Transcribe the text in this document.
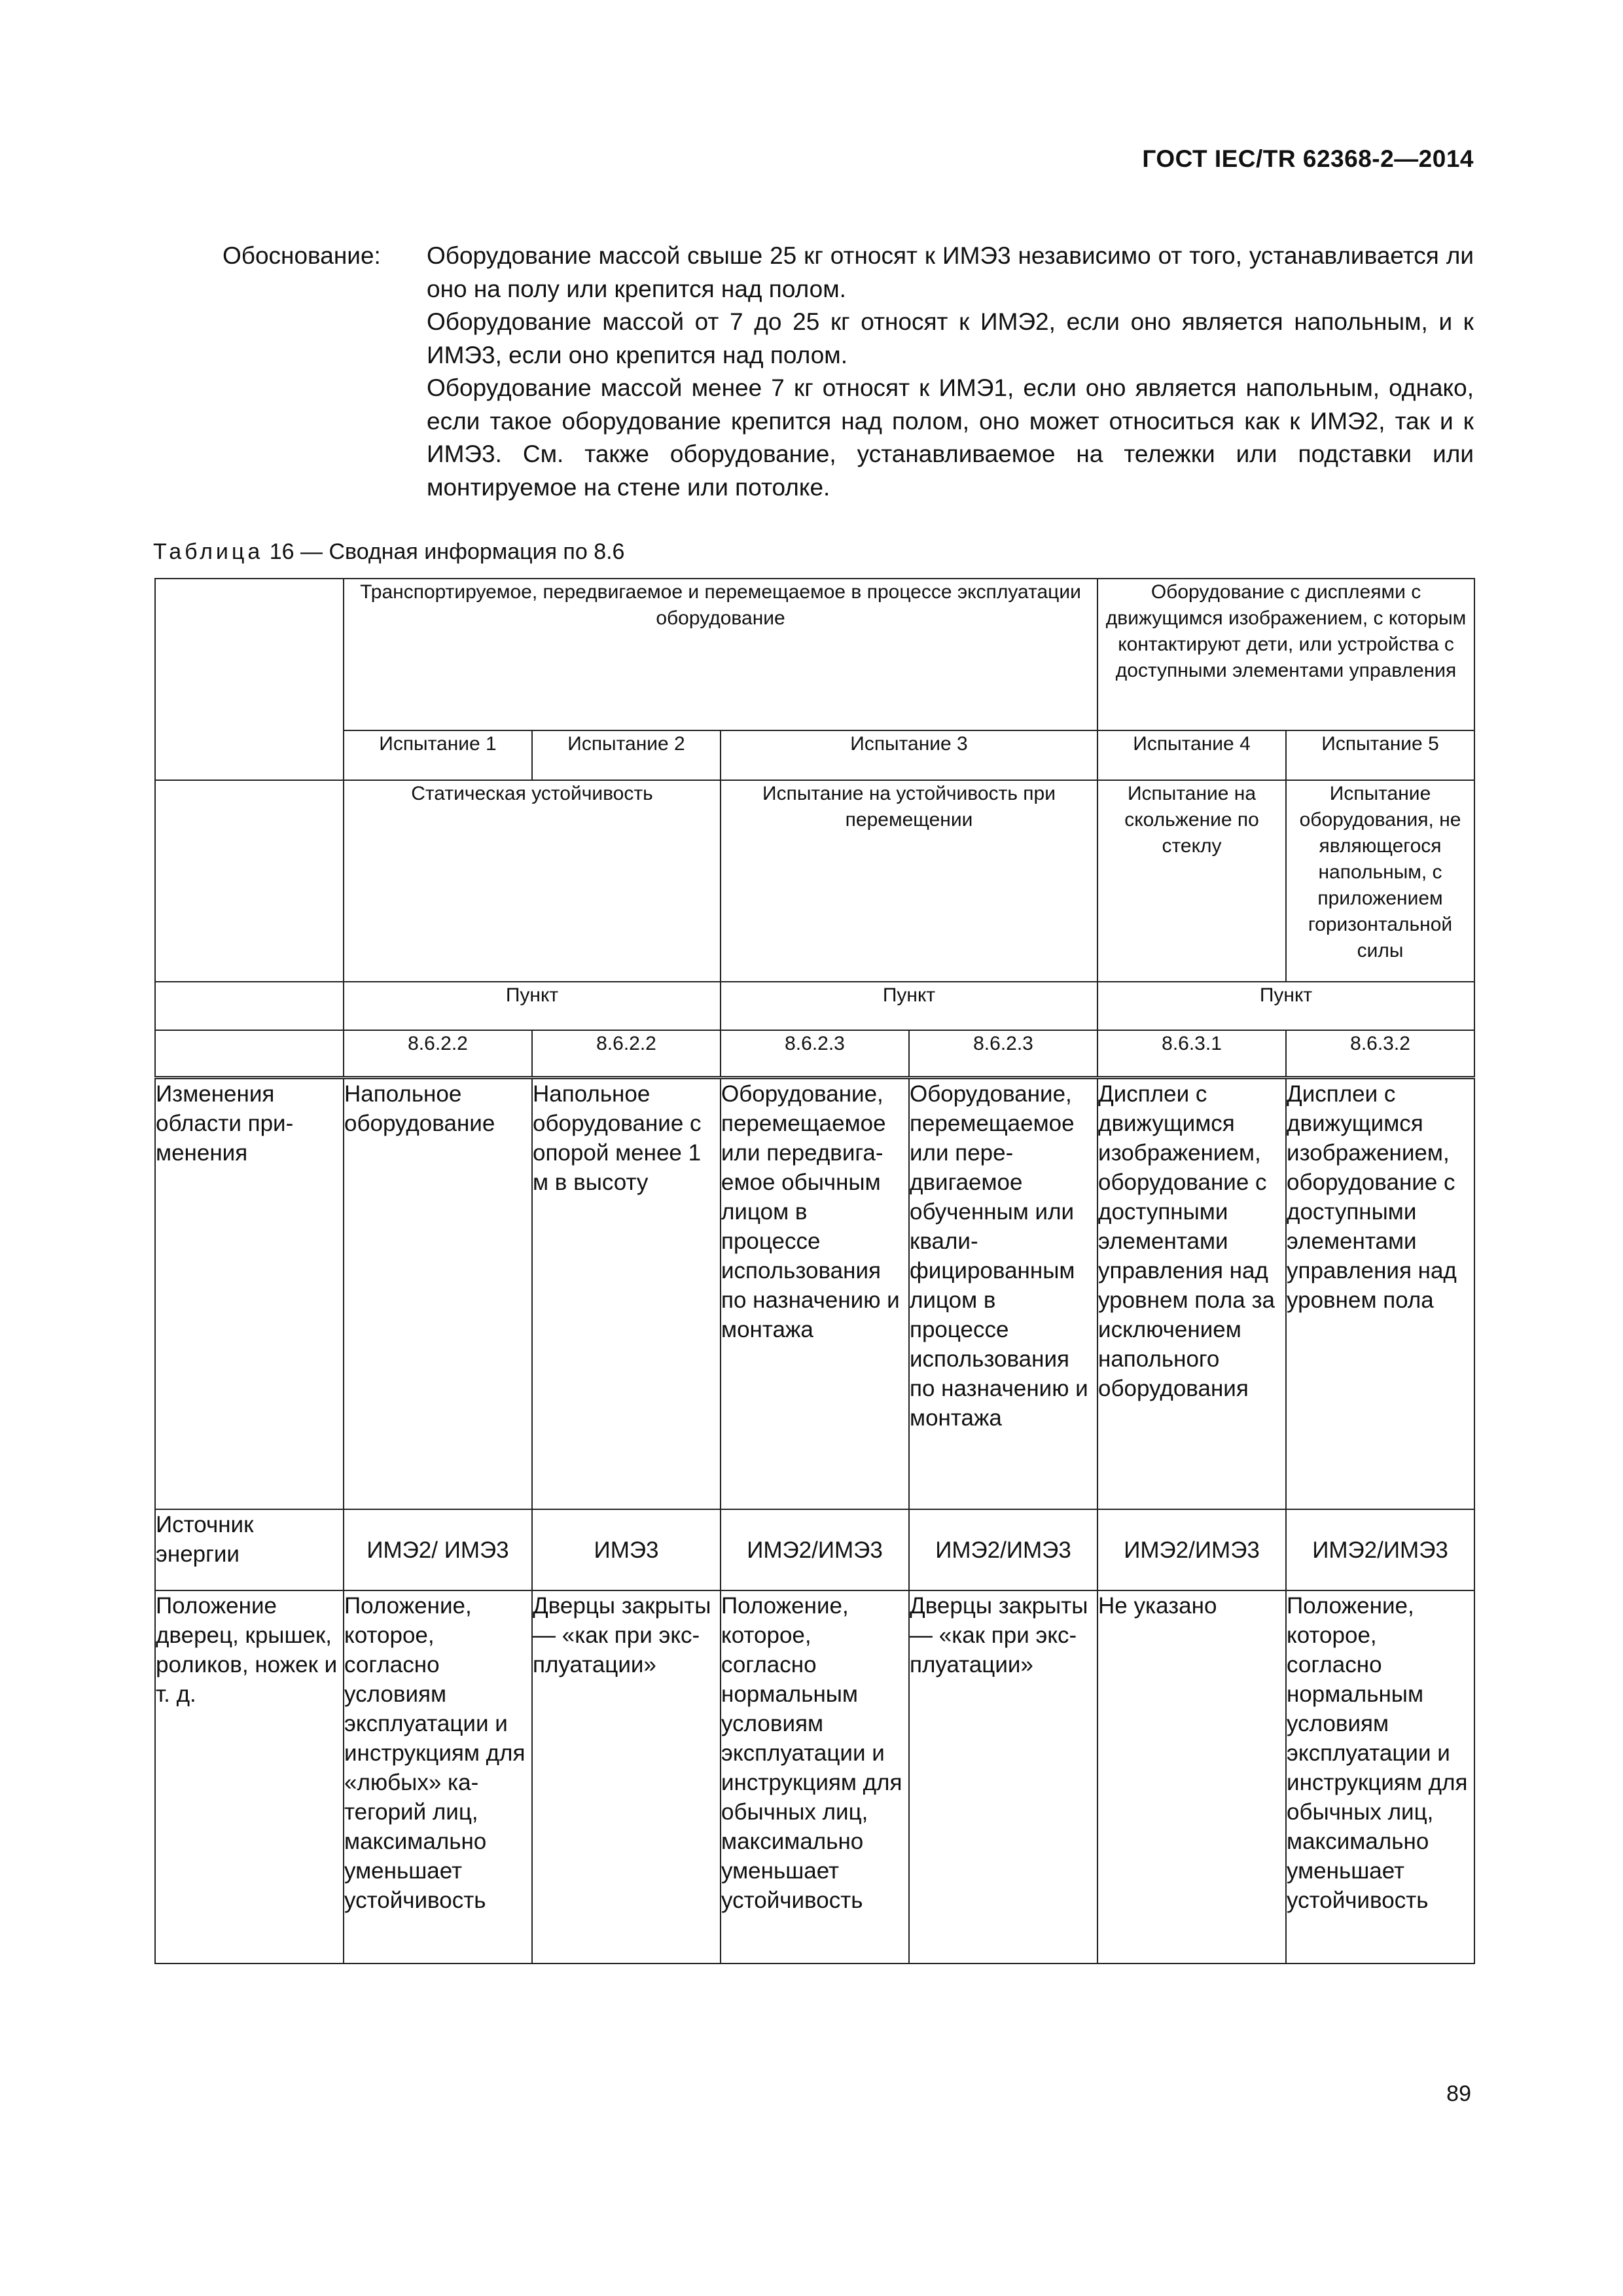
ГОСТ IEC/TR 62368-2—2014
Обоснование: Оборудование массой свыше 25 кг относят к ИМЭ3 независимо от того, устанавливается ли оно на полу или крепится над полом.

Оборудование массой от 7 до 25 кг относят к ИМЭ2, если оно является напольным, и к ИМЭ3, если оно крепится над полом.

Оборудование массой менее 7 кг относят к ИМЭ1, если оно является напольным, однако, если такое оборудование крепится над полом, оно может относиться как к ИМЭ2, так и к ИМЭ3. См. также оборудование, устанавливаемое на тележки или подставки или монтируемое на стене или потолке.

Таблица 16 — Сводная информация по 8.6
	Транспортируемое, передвигаемое и перемещаемое в процессе эксплуатации оборудование				Оборудование с дисплеями с движущимся изображением, с которым контактируют дети, или устройства с доступными элементами управления	
	Испытание 1	Испытание 2	Испытание 3		Испытание 4	Испытание 5
	Статическая устойчивость		Испытание на устойчивость при перемещении		Испытание на скольжение по стеклу	Испытание оборудования, не являющегося напольным, с приложением горизонтальной силы
	Пункт		Пункт		Пункт	
	8.6.2.2	8.6.2.2	8.6.2.3	8.6.2.3	8.6.3.1	8.6.3.2
Изменения области применения	Напольное оборудование	Напольное оборудование с опорой менее 1 м в высоту	Оборудование, перемещаемое или передвигаемое обычным лицом в процессе использования по назначению и монтажа	Оборудование, перемещаемое или передвигаемое обученным или квалифицированным лицом в процессе использования по назначению и монтажа	Дисплеи с движущимся изображением, оборудование с доступными элементами управления над уровнем пола за исключением напольного оборудования	Дисплеи с движущимся изображением, оборудование с доступными элементами управления над уровнем пола
Источник энергии	ИМЭ2/ ИМЭ3	ИМЭ3	ИМЭ2/ИМЭ3	ИМЭ2/ИМЭ3	ИМЭ2/ИМЭ3	ИМЭ2/ИМЭ3
Положение дверец, крышек, роликов, ножек и т. д.	Положение, которое, согласно условиям эксплуатации и инструкциям для «любых» категорий лиц, максимально уменьшает устойчивость	Дверцы закрыты — «как при эксплуатации»	Положение, которое, согласно нормальным условиям эксплуатации и инструкциям для обычных лиц, максимально уменьшает устойчивость	Дверцы закрыты — «как при эксплуатации»	Не указано	Положение, которое, согласно нормальным условиям эксплуатации и инструкциям для обычных лиц, максимально уменьшает устойчивость
89
